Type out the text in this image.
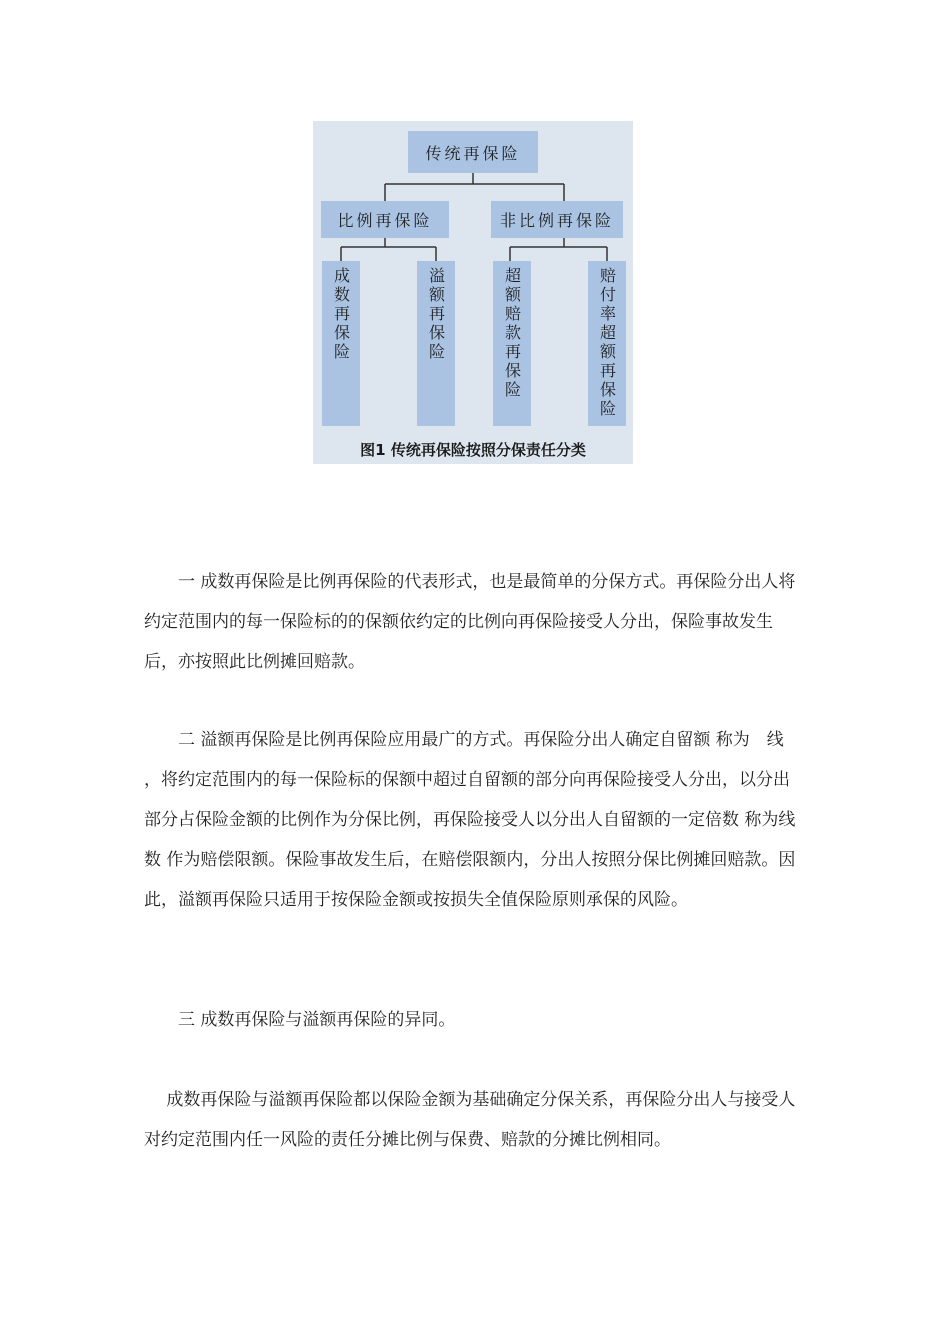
传统再保险
比例再保险	非比例再保险
成数再保险	溢额再保险	超额赔款再保险	赔付率超额再保险
图1 传统再保险按照分保责任分类

　　一 成数再保险是比例再保险的代表形式，也是最简单的分保方式。再保险分出人将约定范围内的每一保险标的的保额依约定的比例向再保险接受人分出，保险事故发生后，亦按照此比例摊回赔款。

　　二 溢额再保险是比例再保险应用最广的方式。再保险分出人确定自留额 称为　线 ，将约定范围内的每一保险标的保额中超过自留额的部分向再保险接受人分出，以分出部分占保险金额的比例作为分保比例，再保险接受人以分出人自留额的一定倍数 称为线数 作为赔偿限额。保险事故发生后，在赔偿限额内，分出人按照分保比例摊回赔款。因此，溢额再保险只适用于按保险金额或按损失全值保险原则承保的风险。

　　三 成数再保险与溢额再保险的异同。

　 成数再保险与溢额再保险都以保险金额为基础确定分保关系，再保险分出人与接受人对约定范围内任一风险的责任分摊比例与保费、赔款的分摊比例相同。
